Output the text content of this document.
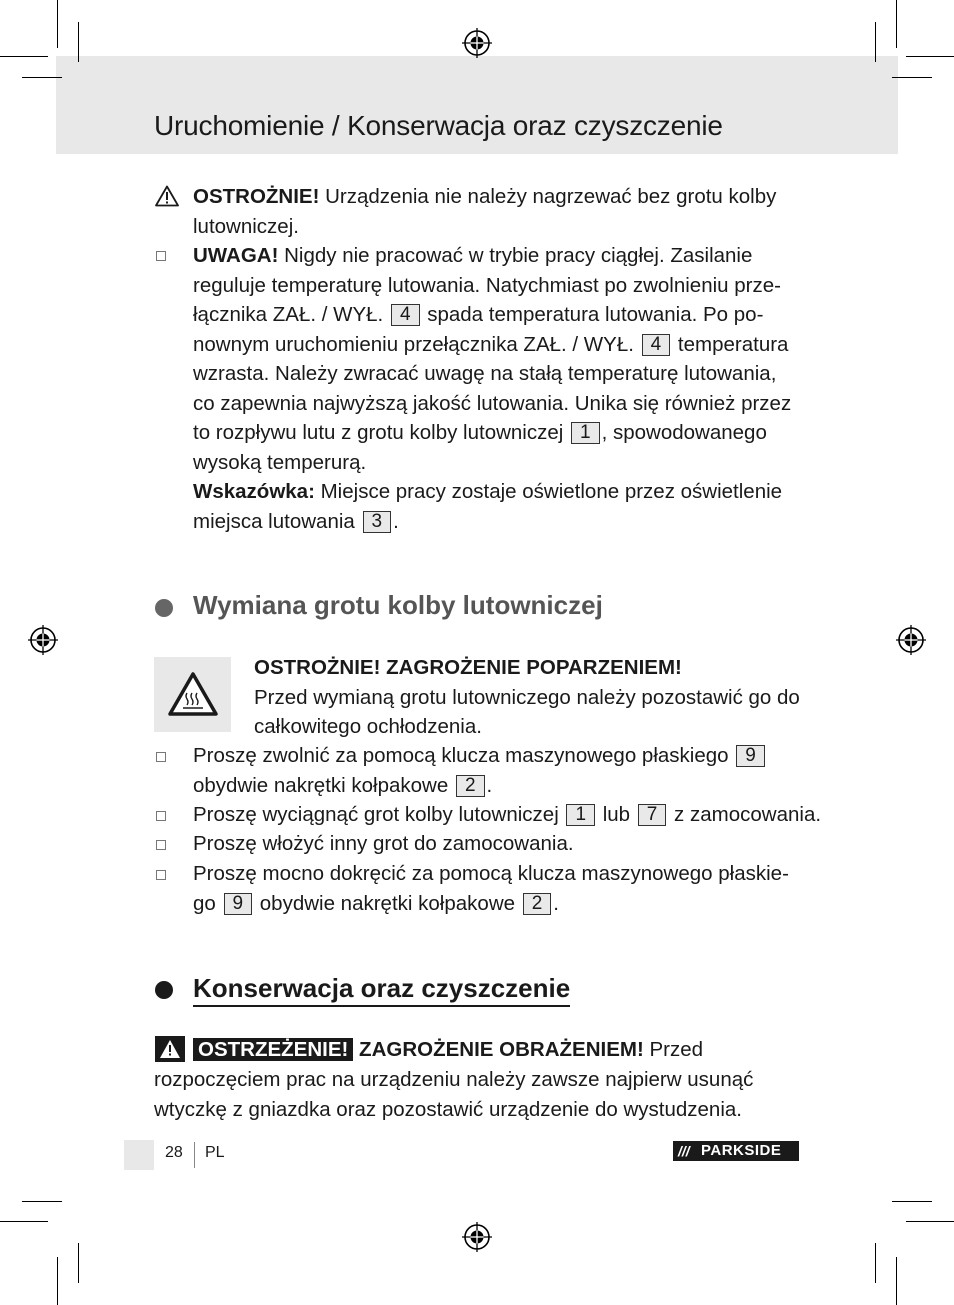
Uruchomienie / Konserwacja oraz czyszczenie
OSTROŻNIE! Urządzenia nie należy nagrzewać bez grotu kolby lutowniczej.
UWAGA! Nigdy nie pracować w trybie pracy ciągłej. Zasilanie reguluje temperaturę lutowania. Natychmiast po zwolnieniu prze- łącznika ZAŁ. / WYŁ. 4 spada temperatura lutowania. Po po- nownym uruchomieniu przełącznika ZAŁ. / WYŁ. 4 temperatura wzrasta. Należy zwracać uwagę na stałą temperaturę lutowania, co zapewnia najwyższą jakość lutowania. Unika się również przez to rozpływu lutu z grotu kolby lutowniczej 1 , spowodowanego wysoką temperurą.
Wskazówka: Miejsce pracy zostaje oświetlone przez oświetlenie miejsca lutowania 3 .
Wymiana grotu kolby lutowniczej
OSTROŻNIE! ZAGROŻENIE POPARZENIEM!
Przed wymianą grotu lutowniczego należy pozostawić go do całkowitego ochłodzenia.
Proszę zwolnić za pomocą klucza maszynowego płaskiego 9 obydwie nakrętki kołpakowe 2 .
Proszę wyciągnąć grot kolby lutowniczej 1 lub 7 z zamocowania.
Proszę włożyć inny grot do zamocowania.
Proszę mocno dokręcić za pomocą klucza maszynowego płaskie- go 9 obydwie nakrętki kołpakowe 2 .
Konserwacja oraz czyszczenie
OSTRZEŻENIE! ZAGROŻENIE OBRAŻENIEM! Przed
rozpoczęciem prac na urządzeniu należy zawsze najpierw usunąć wtyczkę z gniazdka oraz pozostawić urządzenie do wystudzenia.
28 PL	/// PARKSIDE
